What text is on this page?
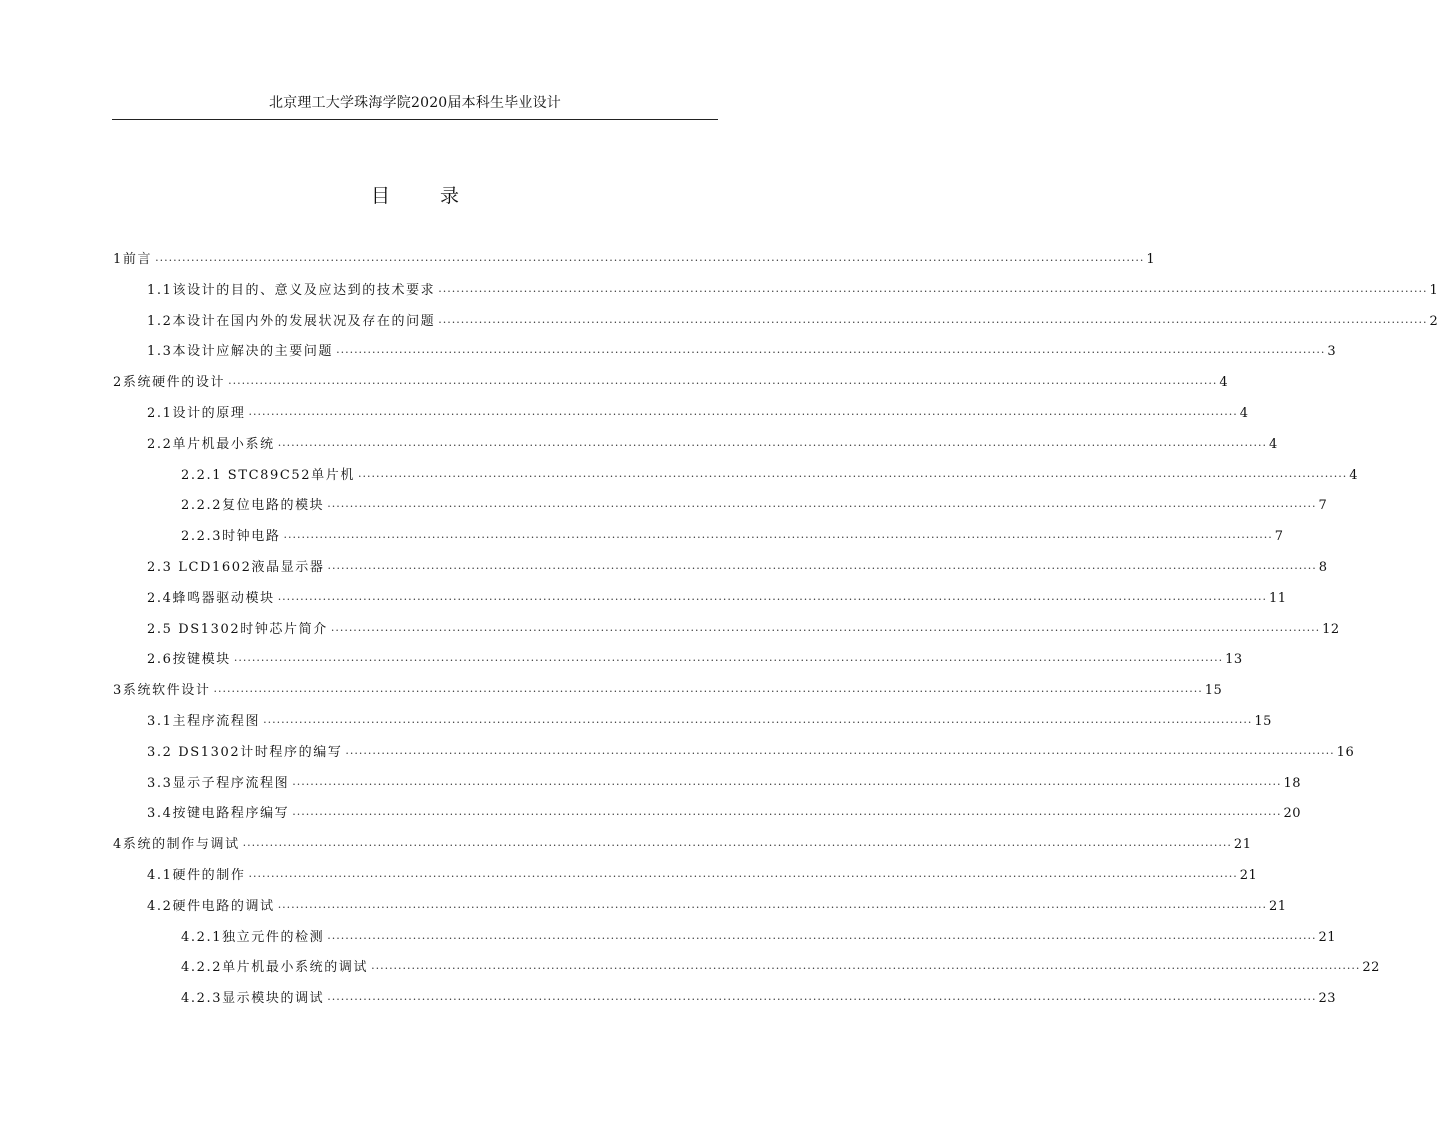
北京理工大学珠海学院2020届本科生毕业设计
目 录
1前言 ............................................................................................................................................................................................................................ 1
1.1该设计的目的、意义及应达到的技术要求 ............................................................................................................................................................................................................................ 1
1.2本设计在国内外的发展状况及存在的问题 ............................................................................................................................................................................................................................ 2
1.3本设计应解决的主要问题 ............................................................................................................................................................................................................................ 3
2系统硬件的设计 ............................................................................................................................................................................................................................ 4
2.1设计的原理 ............................................................................................................................................................................................................................ 4
2.2单片机最小系统 ............................................................................................................................................................................................................................ 4
2.2.1 STC89C52单片机 ............................................................................................................................................................................................................................ 4
2.2.2复位电路的模块 ............................................................................................................................................................................................................................ 7
2.2.3时钟电路 ............................................................................................................................................................................................................................ 7
2.3 LCD1602液晶显示器 ............................................................................................................................................................................................................................ 8
2.4蜂鸣器驱动模块 ............................................................................................................................................................................................................................ 11
2.5 DS1302时钟芯片简介 ............................................................................................................................................................................................................................ 12
2.6按键模块 ............................................................................................................................................................................................................................ 13
3系统软件设计 ............................................................................................................................................................................................................................ 15
3.1主程序流程图 ............................................................................................................................................................................................................................ 15
3.2 DS1302计时程序的编写 ............................................................................................................................................................................................................................ 16
3.3显示子程序流程图 ............................................................................................................................................................................................................................ 18
3.4按键电路程序编写 ............................................................................................................................................................................................................................ 20
4系统的制作与调试 ............................................................................................................................................................................................................................ 21
4.1硬件的制作 ............................................................................................................................................................................................................................ 21
4.2硬件电路的调试 ............................................................................................................................................................................................................................ 21
4.2.1独立元件的检测 ............................................................................................................................................................................................................................ 21
4.2.2单片机最小系统的调试 ............................................................................................................................................................................................................................ 22
4.2.3显示模块的调试 ............................................................................................................................................................................................................................ 23
